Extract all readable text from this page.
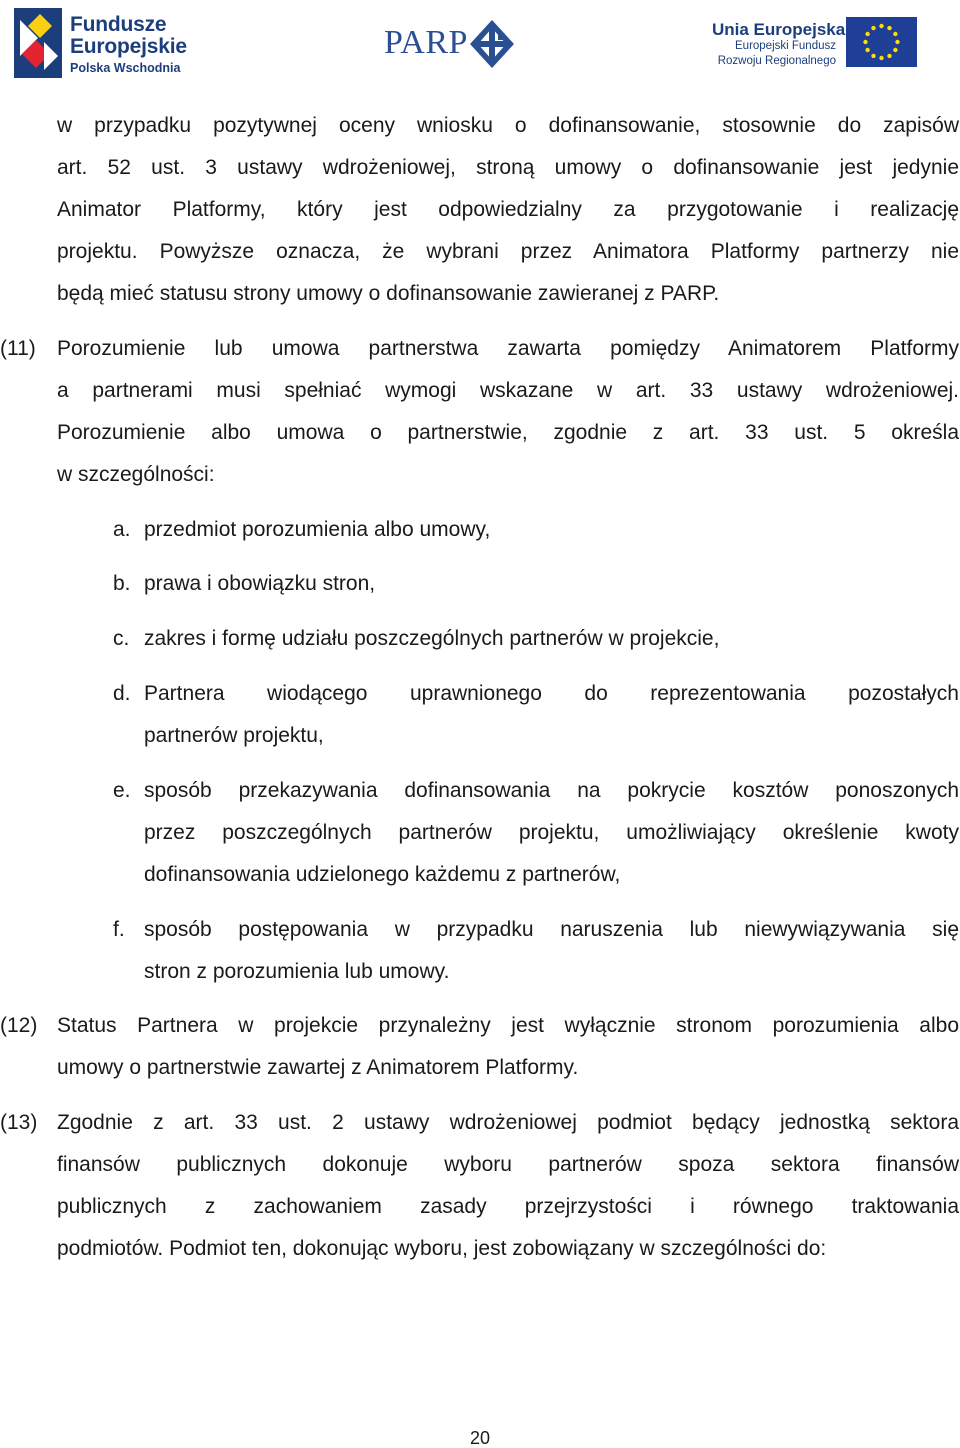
Fundusze
Europejskie
Polska Wschodnia
PARP	Unia Europejska
Europejski Fundusz
Rozwoju Regionalnego
w przypadku pozytywnej oceny wniosku o dofinansowanie, stosownie do zapisów
art. 52 ust. 3 ustawy wdrożeniowej, stroną umowy o dofinansowanie jest jedynie
Animator Platformy, który jest odpowiedzialny za przygotowanie i realizację
projektu. Powyższe oznacza, że wybrani przez Animatora Platformy partnerzy nie
będą mieć statusu strony umowy o dofinansowanie zawieranej z PARP.
(11) Porozumienie lub umowa partnerstwa zawarta pomiędzy Animatorem Platformy
a partnerami musi spełniać wymogi wskazane w art. 33 ustawy wdrożeniowej.
Porozumienie albo umowa o partnerstwie, zgodnie z art. 33 ust. 5 określa
w szczególności:
a. przedmiot porozumienia albo umowy,
b. prawa i obowiązku stron,
c. zakres i formę udziału poszczególnych partnerów w projekcie,
d. Partnera wiodącego uprawnionego do reprezentowania pozostałych
partnerów projektu,
e. sposób przekazywania dofinansowania na pokrycie kosztów ponoszonych
przez poszczególnych partnerów projektu, umożliwiający określenie kwoty
dofinansowania udzielonego każdemu z partnerów,
f. sposób postępowania w przypadku naruszenia lub niewywiązywania się
stron z porozumienia lub umowy.
(12) Status Partnera w projekcie przynależny jest wyłącznie stronom porozumienia albo
umowy o partnerstwie zawartej z Animatorem Platformy.
(13) Zgodnie z art. 33 ust. 2 ustawy wdrożeniowej podmiot będący jednostką sektora
finansów publicznych dokonuje wyboru partnerów spoza sektora finansów
publicznych z zachowaniem zasady przejrzystości i równego traktowania
podmiotów. Podmiot ten, dokonując wyboru, jest zobowiązany w szczególności do:
20
